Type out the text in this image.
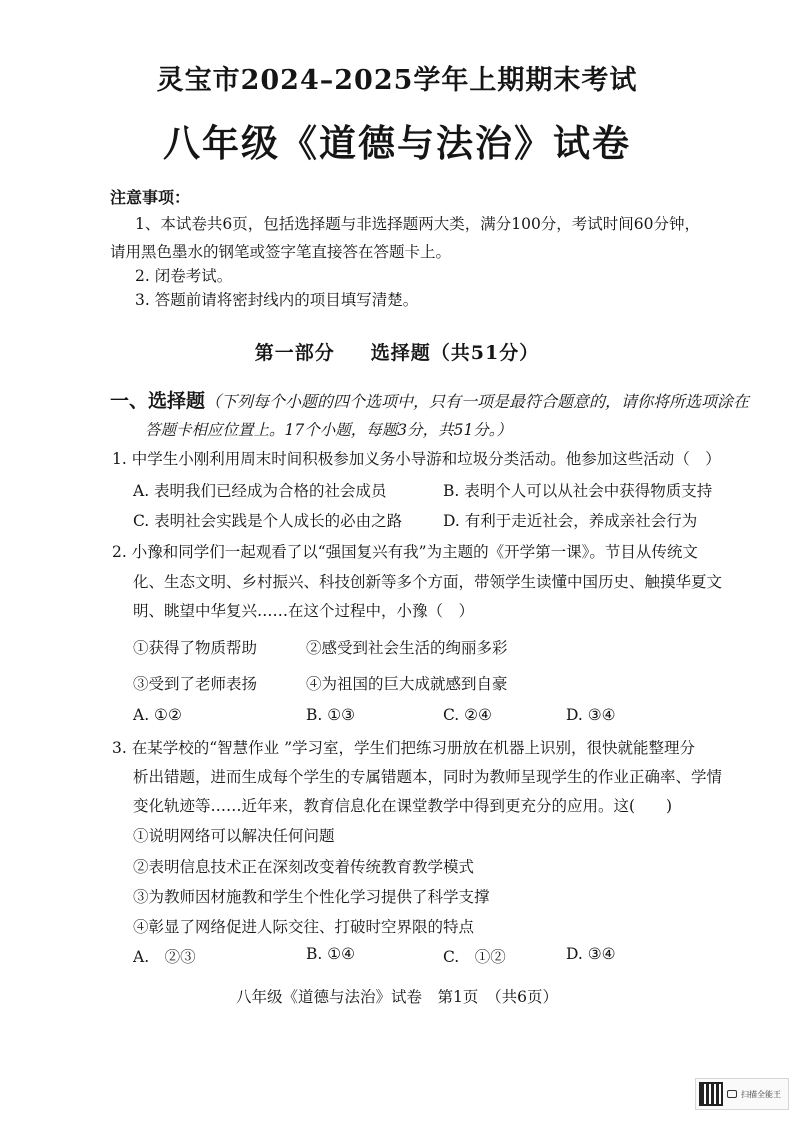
灵宝市2024–2025学年上期期末考试
八年级《道德与法治》试卷
注意事项：
1、本试卷共6页，包括选择题与非选择题两大类，满分100分，考试时间60分钟，
请用黑色墨水的钢笔或签字笔直接答在答题卡上。
2. 闭卷考试。
3. 答题前请将密封线内的项目填写清楚。
第一部分 选择题（共51分）
一、选择题（下列每个小题的四个选项中，只有一项是最符合题意的，请你将所选项涂在
答题卡相应位置上。17个小题，每题3分，共51分。）
1. 中学生小刚利用周末时间积极参加义务小导游和垃圾分类活动。他参加这些活动（　）
A. 表明我们已经成为合格的社会成员	B. 表明个人可以从社会中获得物质支持
C. 表明社会实践是个人成长的必由之路	D. 有利于走近社会，养成亲社会行为
2. 小豫和同学们一起观看了以“强国复兴有我”为主题的《开学第一课》。节目从传统文
化、生态文明、乡村振兴、科技创新等多个方面，带领学生读懂中国历史、触摸华夏文
明、眺望中华复兴……在这个过程中，小豫（　）
①获得了物质帮助	②感受到社会生活的绚丽多彩
③受到了老师表扬	④为祖国的巨大成就感到自豪
A. ①②	B. ①③	C. ②④	D. ③④
3. 在某学校的“智慧作业 ”学习室，学生们把练习册放在机器上识别，很快就能整理分
析出错题，进而生成每个学生的专属错题本，同时为教师呈现学生的作业正确率、学情
变化轨迹等……近年来，教育信息化在课堂教学中得到更充分的应用。这(　　)
①说明网络可以解决任何问题
②表明信息技术正在深刻改变着传统教育教学模式
③为教师因材施教和学生个性化学习提供了科学支撑
④彰显了网络促进人际交往、打破时空界限的特点
A.　②③	B. ①④	C.　①②	D. ③④
八年级《道德与法治》试卷　第1页　（共6页）
扫描全能王
